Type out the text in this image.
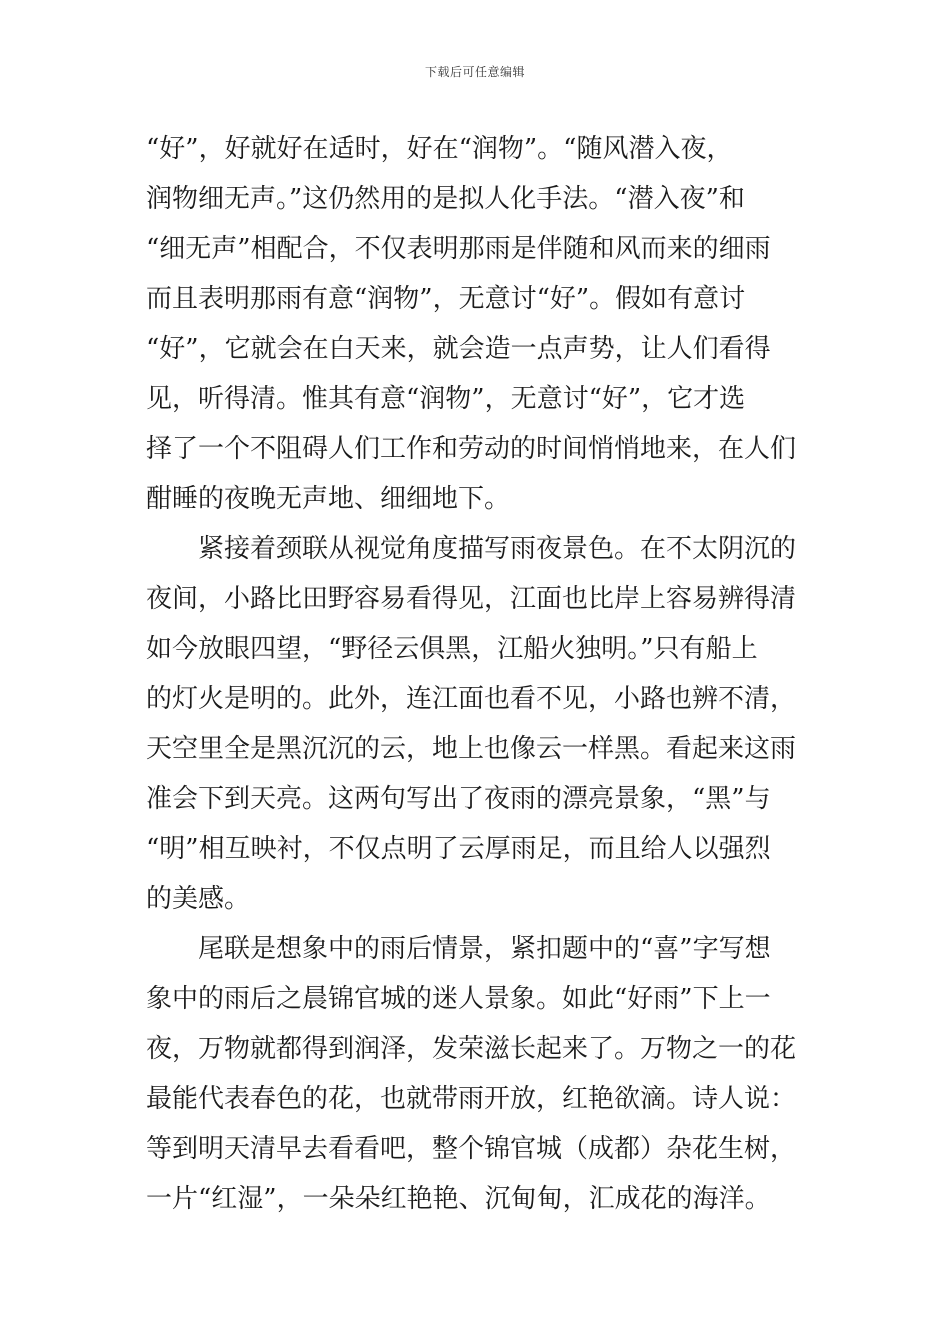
下载后可任意编辑
“好”，好就好在适时，好在“润物”。“随风潜入夜，
润物细无声。”这仍然用的是拟人化手法。“潜入夜”和
“细无声”相配合，不仅表明那雨是伴随和风而来的细雨
而且表明那雨有意“润物”，无意讨“好”。假如有意讨
“好”，它就会在白天来，就会造一点声势，让人们看得
见，听得清。惟其有意“润物”，无意讨“好”，它才选
择了一个不阻碍人们工作和劳动的时间悄悄地来，在人们
酣睡的夜晚无声地、细细地下。
紧接着颈联从视觉角度描写雨夜景色。在不太阴沉的
夜间，小路比田野容易看得见，江面也比岸上容易辨得清
如今放眼四望，“野径云俱黑，江船火独明。”只有船上
的灯火是明的。此外，连江面也看不见，小路也辨不清，
天空里全是黑沉沉的云，地上也像云一样黑。看起来这雨
准会下到天亮。这两句写出了夜雨的漂亮景象，“黑”与
“明”相互映衬，不仅点明了云厚雨足，而且给人以强烈
的美感。
尾联是想象中的雨后情景，紧扣题中的“喜”字写想
象中的雨后之晨锦官城的迷人景象。如此“好雨”下上一
夜，万物就都得到润泽，发荣滋长起来了。万物之一的花
最能代表春色的花，也就带雨开放，红艳欲滴。诗人说：
等到明天清早去看看吧，整个锦官城（成都）杂花生树，
一片“红湿”，一朵朵红艳艳、沉甸甸，汇成花的海洋。
